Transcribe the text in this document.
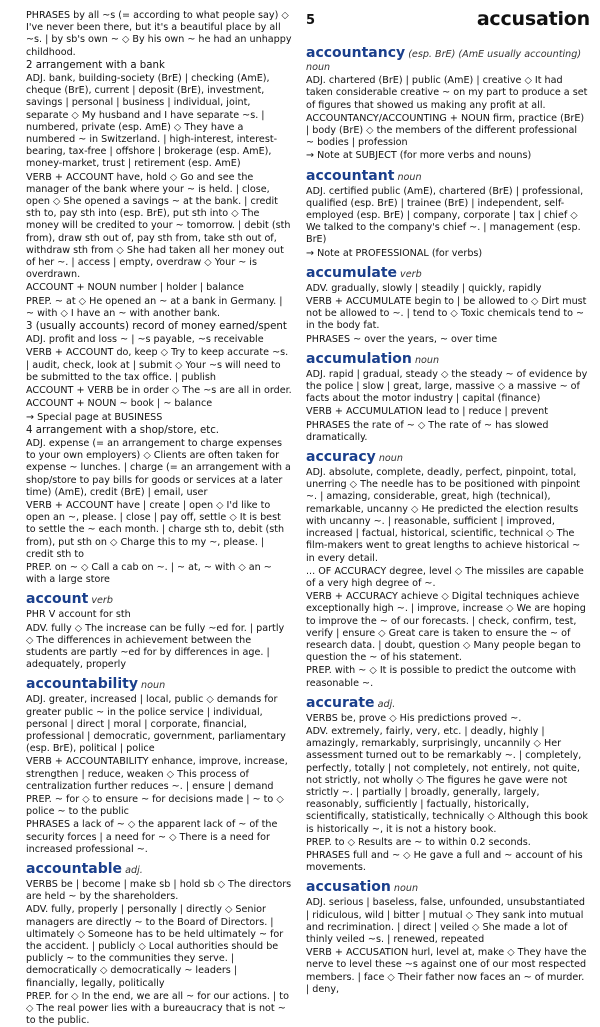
5	accusation
PHRASES by all ~s (= according to what people say) ◇ I've never been there, but it's a beautiful place by all ~s. | by sb's own ~ ◇ By his own ~ he had an unhappy childhood.
2 arrangement with a bank
ADJ. bank, building-society (BrE) | checking (AmE), cheque (BrE), current | deposit (BrE), investment, savings | personal | business | individual, joint, separate ◇ My husband and I have separate ~s. | numbered, private (esp. AmE) ◇ They have a numbered ~ in Switzerland. | high-interest, interest-bearing, tax-free | offshore | brokerage (esp. AmE), money-market, trust | retirement (esp. AmE)
VERB + ACCOUNT have, hold ◇ Go and see the manager of the bank where your ~ is held. | close, open ◇ She opened a savings ~ at the bank. | credit sth to, pay sth into (esp. BrE), put sth into ◇ The money will be credited to your ~ tomorrow. | debit (sth from), draw sth out of, pay sth from, take sth out of, withdraw sth from ◇ She had taken all her money out of her ~. | access | empty, overdraw ◇ Your ~ is overdrawn.
ACCOUNT + NOUN number | holder | balance
PREP. ~ at ◇ He opened an ~ at a bank in Germany. | ~ with ◇ I have an ~ with another bank.
3 (usually accounts) record of money earned/spent
ADJ. profit and loss ~ | ~s payable, ~s receivable
VERB + ACCOUNT do, keep ◇ Try to keep accurate ~s. | audit, check, look at | submit ◇ Your ~s will need to be submitted to the tax office. | publish
ACCOUNT + VERB be in order ◇ The ~s are all in order.
ACCOUNT + NOUN ~ book | ~ balance
→ Special page at BUSINESS
4 arrangement with a shop/store, etc.
ADJ. expense (= an arrangement to charge expenses to your own employers) ◇ Clients are often taken for expense ~ lunches. | charge (= an arrangement with a shop/store to pay bills for goods or services at a later time) (AmE), credit (BrE) | email, user
VERB + ACCOUNT have | create | open ◇ I'd like to open an ~, please. | close | pay off, settle ◇ It is best to settle the ~ each month. | charge sth to, debit (sth from), put sth on ◇ Charge this to my ~, please. | credit sth to
PREP. on ~ ◇ Call a cab on ~. | ~ at, ~ with ◇ an ~ with a large store
account verb
PHR V account for sth
ADV. fully ◇ The increase can be fully ~ed for. | partly ◇ The differences in achievement between the students are partly ~ed for by differences in age. | adequately, properly
accountability noun
ADJ. greater, increased | local, public ◇ demands for greater public ~ in the police service | individual, personal | direct | moral | corporate, financial, professional | democratic, government, parliamentary (esp. BrE), political | police
VERB + ACCOUNTABILITY enhance, improve, increase, strengthen | reduce, weaken ◇ This process of centralization further reduces ~. | ensure | demand
PREP. ~ for ◇ to ensure ~ for decisions made | ~ to ◇ police ~ to the public
PHRASES a lack of ~ ◇ the apparent lack of ~ of the security forces | a need for ~ ◇ There is a need for increased professional ~.
accountable adj.
VERBS be | become | make sb | hold sb ◇ The directors are held ~ by the shareholders.
ADV. fully, properly | personally | directly ◇ Senior managers are directly ~ to the Board of Directors. | ultimately ◇ Someone has to be held ultimately ~ for the accident. | publicly ◇ Local authorities should be publicly ~ to the communities they serve. | democratically ◇ democratically ~ leaders | financially, legally, politically
PREP. for ◇ In the end, we are all ~ for our actions. | to ◇ The real power lies with a bureaucracy that is not ~ to the public.
accountancy (esp. BrE) (AmE usually accounting) noun
ADJ. chartered (BrE) | public (AmE) | creative ◇ It had taken considerable creative ~ on my part to produce a set of figures that showed us making any profit at all.
ACCOUNTANCY/ACCOUNTING + NOUN firm, practice (BrE) | body (BrE) ◇ the members of the different professional ~ bodies | profession
→ Note at SUBJECT (for more verbs and nouns)
accountant noun
ADJ. certified public (AmE), chartered (BrE) | professional, qualified (esp. BrE) | trainee (BrE) | independent, self-employed (esp. BrE) | company, corporate | tax | chief ◇ We talked to the company's chief ~. | management (esp. BrE)
→ Note at PROFESSIONAL (for verbs)
accumulate verb
ADV. gradually, slowly | steadily | quickly, rapidly
VERB + ACCUMULATE begin to | be allowed to ◇ Dirt must not be allowed to ~. | tend to ◇ Toxic chemicals tend to ~ in the body fat.
PHRASES ~ over the years, ~ over time
accumulation noun
ADJ. rapid | gradual, steady ◇ the steady ~ of evidence by the police | slow | great, large, massive ◇ a massive ~ of facts about the motor industry | capital (finance)
VERB + ACCUMULATION lead to | reduce | prevent
PHRASES the rate of ~ ◇ The rate of ~ has slowed dramatically.
accuracy noun
ADJ. absolute, complete, deadly, perfect, pinpoint, total, unerring ◇ The needle has to be positioned with pinpoint ~. | amazing, considerable, great, high (technical), remarkable, uncanny ◇ He predicted the election results with uncanny ~. | reasonable, sufficient | improved, increased | factual, historical, scientific, technical ◇ The film-makers went to great lengths to achieve historical ~ in every detail.
... OF ACCURACY degree, level ◇ The missiles are capable of a very high degree of ~.
VERB + ACCURACY achieve ◇ Digital techniques achieve exceptionally high ~. | improve, increase ◇ We are hoping to improve the ~ of our forecasts. | check, confirm, test, verify | ensure ◇ Great care is taken to ensure the ~ of research data. | doubt, question ◇ Many people began to question the ~ of his statement.
PREP. with ~ ◇ It is possible to predict the outcome with reasonable ~.
accurate adj.
VERBS be, prove ◇ His predictions proved ~.
ADV. extremely, fairly, very, etc. | deadly, highly | amazingly, remarkably, surprisingly, uncannily ◇ Her assessment turned out to be remarkably ~. | completely, perfectly, totally | not completely, not entirely, not quite, not strictly, not wholly ◇ The figures he gave were not strictly ~. | partially | broadly, generally, largely, reasonably, sufficiently | factually, historically, scientifically, statistically, technically ◇ Although this book is historically ~, it is not a history book.
PREP. to ◇ Results are ~ to within 0.2 seconds.
PHRASES full and ~ ◇ He gave a full and ~ account of his movements.
accusation noun
ADJ. serious | baseless, false, unfounded, unsubstantiated | ridiculous, wild | bitter | mutual ◇ They sank into mutual and recrimination. | direct | veiled ◇ She made a lot of thinly veiled ~s. | renewed, repeated
VERB + ACCUSATION hurl, level at, make ◇ They have the nerve to level these ~s against one of our most respected members. | face ◇ Their father now faces an ~ of murder. | deny,
